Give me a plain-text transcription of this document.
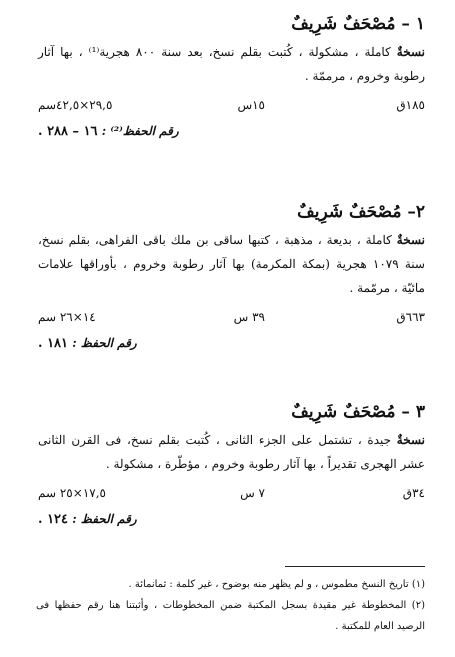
١ – مُصْحَفٌ شَرِيفٌ

نسخةٌ كاملة ، مشكولة ، كُتبت بقلم نسخ، بعد سنة ٨٠٠ هجرية⁽¹⁾ ، بها آثار رطوبة وخروم ، مرممّة .

١٨٥ق
١٥س
٢٩,٥×٤٢,٥سم
رقم الحفظ⁽²⁾ : ١٦ – ٢٨٨ .
٢– مُصْحَفٌ شَرِيفٌ

نسخةٌ كاملة ، بديعة ، مذهبة ، كتبها ساقى بن ملك باقى الفراهى، بقلم نسخ، سنة ١٠٧٩ هجرية (بمكة المكرمة) بها آثار رطوبة وخروم ، بأوراقها علامات مائيّة ، مرمّمة .

٦٦٣ق
٣٩ س
١٤×٢٦ سم
رقم الحفظ : ١٨١ .
٣ – مُصْحَفٌ شَرِيفٌ

نسخةٌ جيدة ، تشتمل على الجزء الثانى ، كُتبت بقلم نسخ، فى القرن الثانى عشر الهجرى تقديراً ، بها آثار رطوبة وخروم ، مؤطّرة ، مشكولة .

٣٤ق
٧ س
١٧,٥×٢٥ سم
رقم الحفظ : ١٢٤ .

(١) تاريخ النسخ مطموس ، و لم يظهر منه بوضوح ، غير كلمة : ثمانمائة .

(٢) المخطوطة غير مقيدة بسجل المكتبة ضمن المخطوطات ، وأثبتنا هنا رقم حفظها فى الرصيد العام للمكتبة .
